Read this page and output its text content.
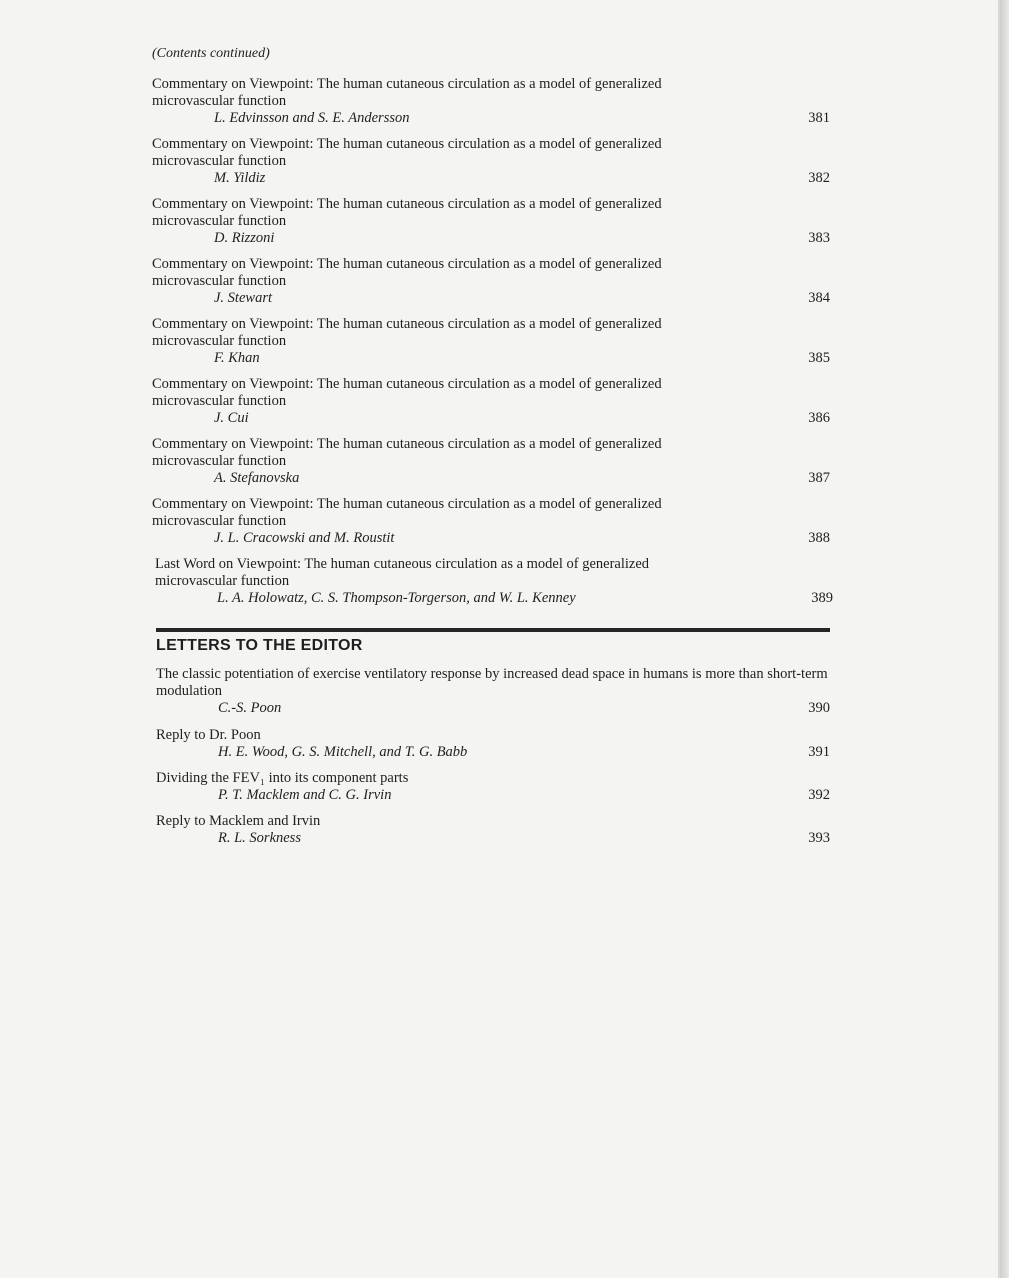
(Contents continued)
Commentary on Viewpoint: The human cutaneous circulation as a model of generalized microvascular function
L. Edvinsson and S. E. Andersson	381
Commentary on Viewpoint: The human cutaneous circulation as a model of generalized microvascular function
M. Yildiz	382
Commentary on Viewpoint: The human cutaneous circulation as a model of generalized microvascular function
D. Rizzoni	383
Commentary on Viewpoint: The human cutaneous circulation as a model of generalized microvascular function
J. Stewart	384
Commentary on Viewpoint: The human cutaneous circulation as a model of generalized microvascular function
F. Khan	385
Commentary on Viewpoint: The human cutaneous circulation as a model of generalized microvascular function
J. Cui	386
Commentary on Viewpoint: The human cutaneous circulation as a model of generalized microvascular function
A. Stefanovska	387
Commentary on Viewpoint: The human cutaneous circulation as a model of generalized microvascular function
J. L. Cracowski and M. Roustit	388
Last Word on Viewpoint: The human cutaneous circulation as a model of generalized microvascular function
L. A. Holowatz, C. S. Thompson-Torgerson, and W. L. Kenney	389
LETTERS TO THE EDITOR
The classic potentiation of exercise ventilatory response by increased dead space in humans is more than short-term modulation
C.-S. Poon	390
Reply to Dr. Poon
H. E. Wood, G. S. Mitchell, and T. G. Babb	391
Dividing the FEV₁ into its component parts
P. T. Macklem and C. G. Irvin	392
Reply to Macklem and Irvin
R. L. Sorkness	393
